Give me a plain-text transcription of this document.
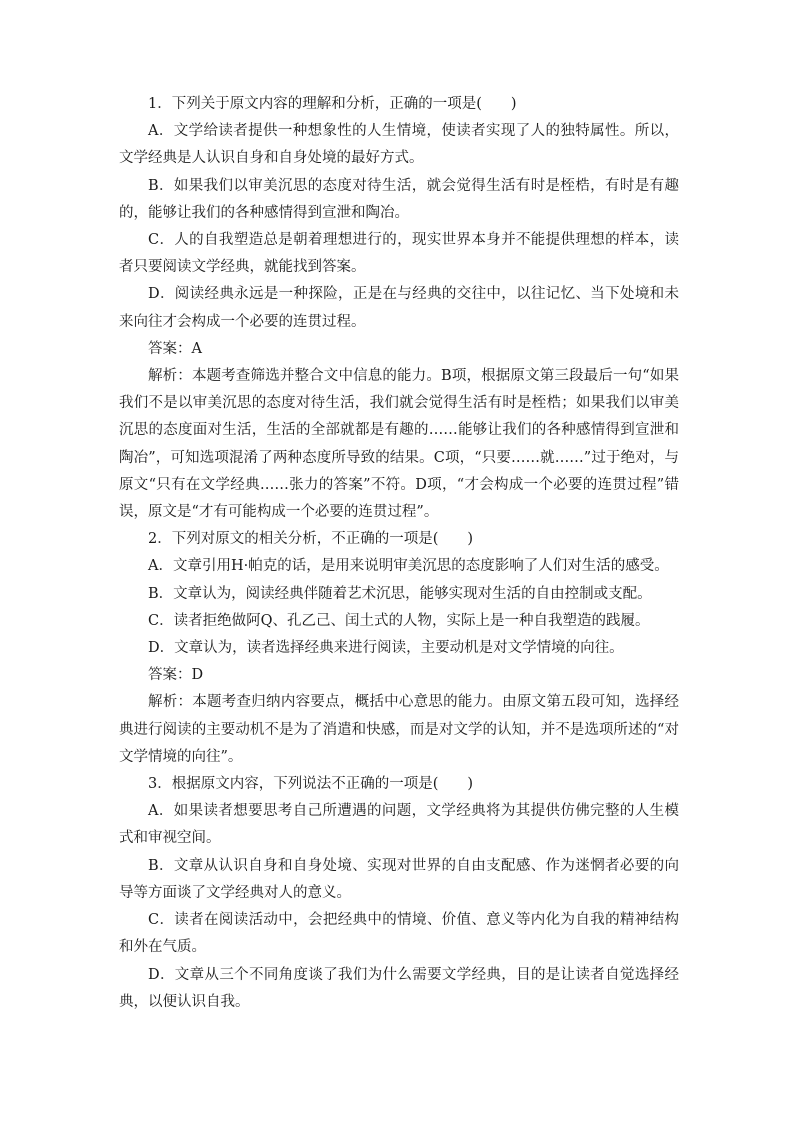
1．下列关于原文内容的理解和分析，正确的一项是(　　)

A．文学给读者提供一种想象性的人生情境，使读者实现了人的独特属性。所以，文学经典是人认识自身和自身处境的最好方式。

B．如果我们以审美沉思的态度对待生活，就会觉得生活有时是桎梏，有时是有趣的，能够让我们的各种感情得到宣泄和陶冶。

C．人的自我塑造总是朝着理想进行的，现实世界本身并不能提供理想的样本，读者只要阅读文学经典，就能找到答案。

D．阅读经典永远是一种探险，正是在与经典的交往中，以往记忆、当下处境和未来向往才会构成一个必要的连贯过程。

答案：A

解析：本题考查筛选并整合文中信息的能力。B项，根据原文第三段最后一句“如果我们不是以审美沉思的态度对待生活，我们就会觉得生活有时是桎梏；如果我们以审美沉思的态度面对生活，生活的全部就都是有趣的……能够让我们的各种感情得到宣泄和陶冶”，可知选项混淆了两种态度所导致的结果。C项，“只要……就……”过于绝对，与原文“只有在文学经典……张力的答案”不符。D项，“才会构成一个必要的连贯过程”错误，原文是“才有可能构成一个必要的连贯过程”。

2．下列对原文的相关分析，不正确的一项是(　　)

A．文章引用H·帕克的话，是用来说明审美沉思的态度影响了人们对生活的感受。

B．文章认为，阅读经典伴随着艺术沉思，能够实现对生活的自由控制或支配。

C．读者拒绝做阿Q、孔乙己、闰土式的人物，实际上是一种自我塑造的践履。

D．文章认为，读者选择经典来进行阅读，主要动机是对文学情境的向往。

答案：D

解析：本题考查归纳内容要点，概括中心意思的能力。由原文第五段可知，选择经典进行阅读的主要动机不是为了消遣和快感，而是对文学的认知，并不是选项所述的“对文学情境的向往”。

3．根据原文内容，下列说法不正确的一项是(　　)

A．如果读者想要思考自己所遭遇的问题，文学经典将为其提供仿佛完整的人生模式和审视空间。

B．文章从认识自身和自身处境、实现对世界的自由支配感、作为迷惘者必要的向导等方面谈了文学经典对人的意义。

C．读者在阅读活动中，会把经典中的情境、价值、意义等内化为自我的精神结构和外在气质。

D．文章从三个不同角度谈了我们为什么需要文学经典，目的是让读者自觉选择经典，以便认识自我。
